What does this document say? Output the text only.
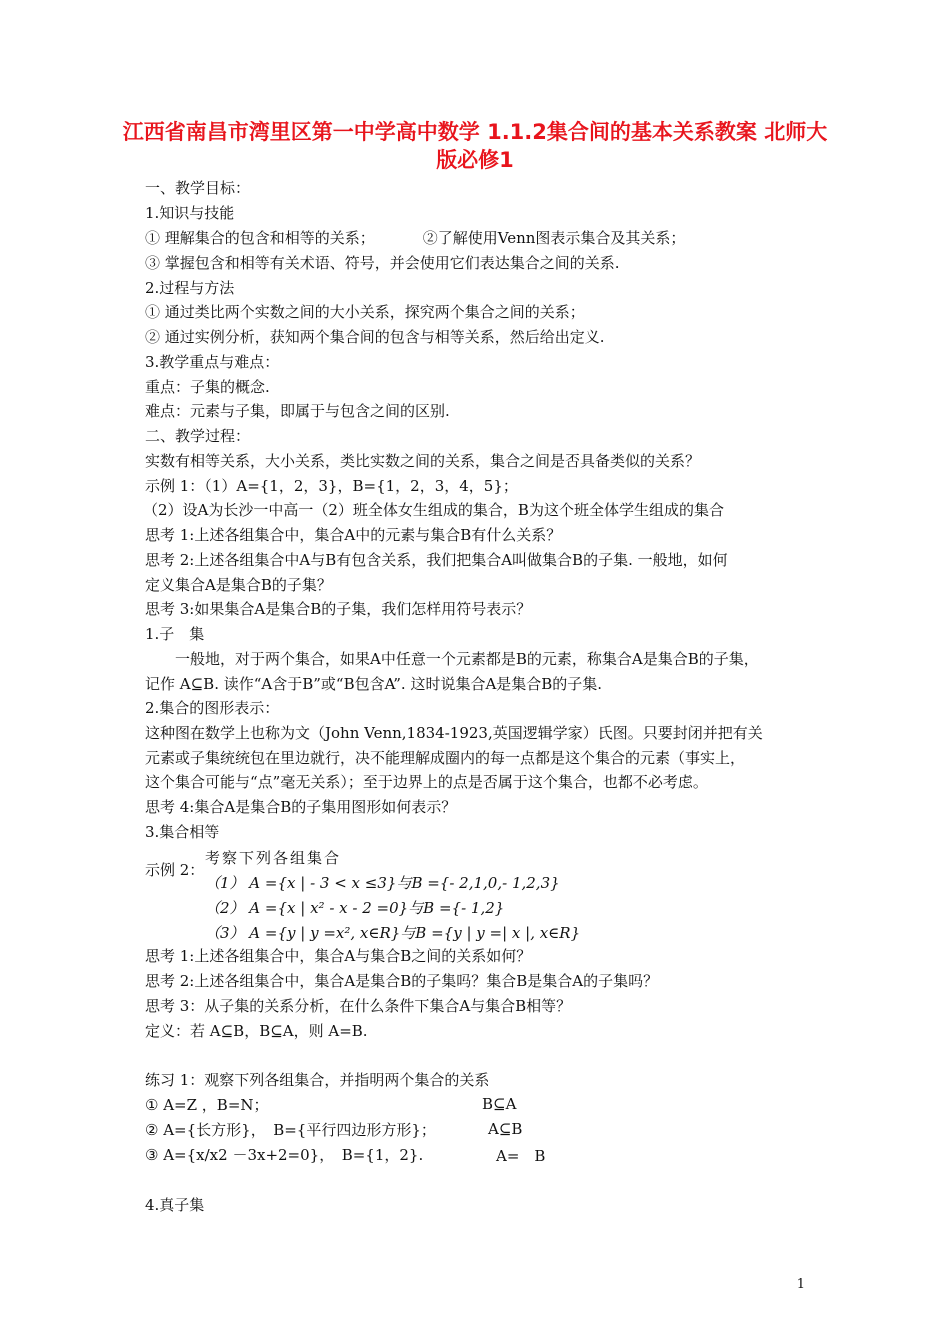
江西省南昌市湾里区第一中学高中数学 1.1.2集合间的基本关系教案 北师大版必修1
一、教学目标：
1.知识与技能
① 理解集合的包含和相等的关系；	②了解使用Venn图表示集合及其关系；
③ 掌握包含和相等有关术语、符号，并会使用它们表达集合之间的关系.
2.过程与方法
① 通过类比两个实数之间的大小关系，探究两个集合之间的关系；
② 通过实例分析，获知两个集合间的包含与相等关系，然后给出定义.
3.教学重点与难点：
重点：子集的概念.
难点：元素与子集，即属于与包含之间的区别.
二、教学过程：
实数有相等关系，大小关系，类比实数之间的关系，集合之间是否具备类似的关系？
示例 1：（1）A={1，2，3}，B={1，2，3，4，5}；
（2）设A为长沙一中高一（2）班全体女生组成的集合，B为这个班全体学生组成的集合
思考 1:上述各组集合中，集合A中的元素与集合B有什么关系？
思考 2:上述各组集合中A与B有包含关系，我们把集合A叫做集合B的子集. 一般地，如何
定义集合A是集合B的子集？
思考 3:如果集合A是集合B的子集，我们怎样用符号表示？
1.子　集
一般地，对于两个集合，如果A中任意一个元素都是B的元素，称集合A是集合B的子集，
记作 A⊆B. 读作“A含于B”或“B包含A”. 这时说集合A是集合B的子集.
2.集合的图形表示：
这种图在数学上也称为文（John Venn,1834-1923,英国逻辑学家）氏图。只要封闭并把有关
元素或子集统统包在里边就行，决不能理解成圈内的每一点都是这个集合的元素（事实上，
这个集合可能与“点”毫无关系）；至于边界上的点是否属于这个集合，也都不必考虑。
思考 4:集合A是集合B的子集用图形如何表示？
3.集合相等
示例 2：
考察下列各组集合
（1） A ={x | - 3 < x ≤3}与B ={- 2,1,0,- 1,2,3}
（2） A ={x | x² - x - 2 =0}与B ={- 1,2}
（3） A ={y | y =x², x∈R}与B ={y | y =| x |, x∈R}
思考 1:上述各组集合中，集合A与集合B之间的关系如何？
思考 2:上述各组集合中，集合A是集合B的子集吗？集合B是集合A的子集吗？
思考 3：从子集的关系分析，在什么条件下集合A与集合B相等？
定义：若 A⊆B，B⊆A，则 A=B.
练习 1：观察下列各组集合，并指明两个集合的关系
① A=Z ，B=N；	B⊆A
② A={长方形}，　B={平行四边形方形}；	A⊆B
③ A={x/x2 －3x+2=0}，　B={1，2}.	A=　B
4.真子集
1
